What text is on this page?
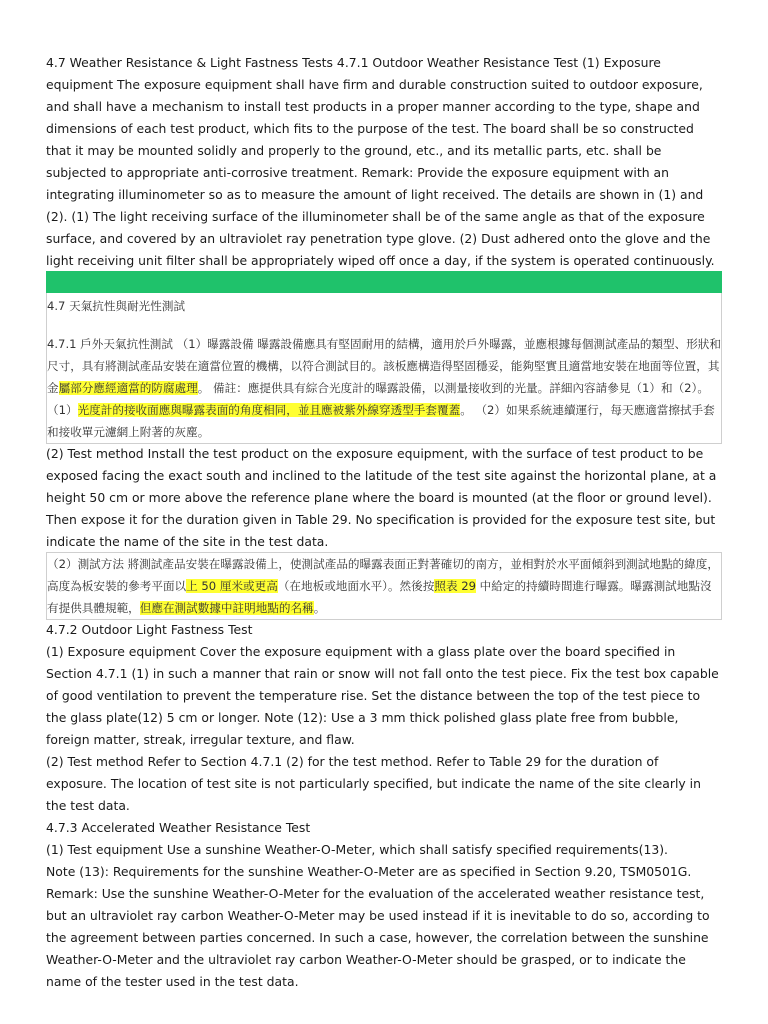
4.7 Weather Resistance & Light Fastness Tests 4.7.1 Outdoor Weather Resistance Test (1) Exposure equipment The exposure equipment shall have firm and durable construction suited to outdoor exposure, and shall have a mechanism to install test products in a proper manner according to the type, shape and dimensions of each test product, which fits to the purpose of the test. The board shall be so constructed that it may be mounted solidly and properly to the ground, etc., and its metallic parts, etc. shall be subjected to appropriate anti-corrosive treatment. Remark: Provide the exposure equipment with an integrating illuminometer so as to measure the amount of light received. The details are shown in (1) and (2). (1) The light receiving surface of the illuminometer shall be of the same angle as that of the exposure surface, and covered by an ultraviolet ray penetration type glove. (2) Dust adhered onto the glove and the light receiving unit filter shall be appropriately wiped off once a day, if the system is operated continuously.

4.7 天氣抗性與耐光性測試
4.7.1 戶外天氣抗性測試 （1）曝露設備 曝露設備應具有堅固耐用的結構，適用於戶外曝露，並應根據每個測試產品的類型、形狀和尺寸，具有將測試產品安裝在適當位置的機構，以符合測試目的。該板應構造得堅固穩妥，能夠堅實且適當地安裝在地面等位置，其金屬部分應經適當的防腐處理。 備註：應提供具有綜合光度計的曝露設備，以測量接收到的光量。詳細內容請參見（1）和（2）。 （1）光度計的接收面應與曝露表面的角度相同，並且應被紫外線穿透型手套覆蓋。 （2）如果系統連續運行，每天應適當擦拭手套和接收單元濾網上附著的灰塵。

(2) Test method Install the test product on the exposure equipment, with the surface of test product to be exposed facing the exact south and inclined to the latitude of the test site against the horizontal plane, at a height 50 cm or more above the reference plane where the board is mounted (at the floor or ground level). Then expose it for the duration given in Table 29. No specification is provided for the exposure test site, but indicate the name of the site in the test data.

（2）測試方法 將測試產品安裝在曝露設備上，使測試產品的曝露表面正對著確切的南方，並相對於水平面傾斜到測試地點的緯度，高度為板安裝的參考平面以上 50 厘米或更高（在地板或地面水平）。然後按照表 29 中給定的持續時間進行曝露。曝露測試地點沒有提供具體規範，但應在測試數據中註明地點的名稱。
4.7.2 Outdoor Light Fastness Test
(1) Exposure equipment Cover the exposure equipment with a glass plate over the board specified in Section 4.7.1 (1) in such a manner that rain or snow will not fall onto the test piece. Fix the test box capable of good ventilation to prevent the temperature rise. Set the distance between the top of the test piece to the glass plate(12) 5 cm or longer. Note (12): Use a 3 mm thick polished glass plate free from bubble, foreign matter, streak, irregular texture, and flaw.
(2) Test method Refer to Section 4.7.1 (2) for the test method. Refer to Table 29 for the duration of exposure. The location of test site is not particularly specified, but indicate the name of the site clearly in the test data.
4.7.3 Accelerated Weather Resistance Test
(1) Test equipment Use a sunshine Weather-O-Meter, which shall satisfy specified requirements(13).
Note (13): Requirements for the sunshine Weather-O-Meter are as specified in Section 9.20, TSM0501G.
Remark: Use the sunshine Weather-O-Meter for the evaluation of the accelerated weather resistance test, but an ultraviolet ray carbon Weather-O-Meter may be used instead if it is inevitable to do so, according to the agreement between parties concerned. In such a case, however, the correlation between the sunshine Weather-O-Meter and the ultraviolet ray carbon Weather-O-Meter should be grasped, or to indicate the name of the tester used in the test data.
